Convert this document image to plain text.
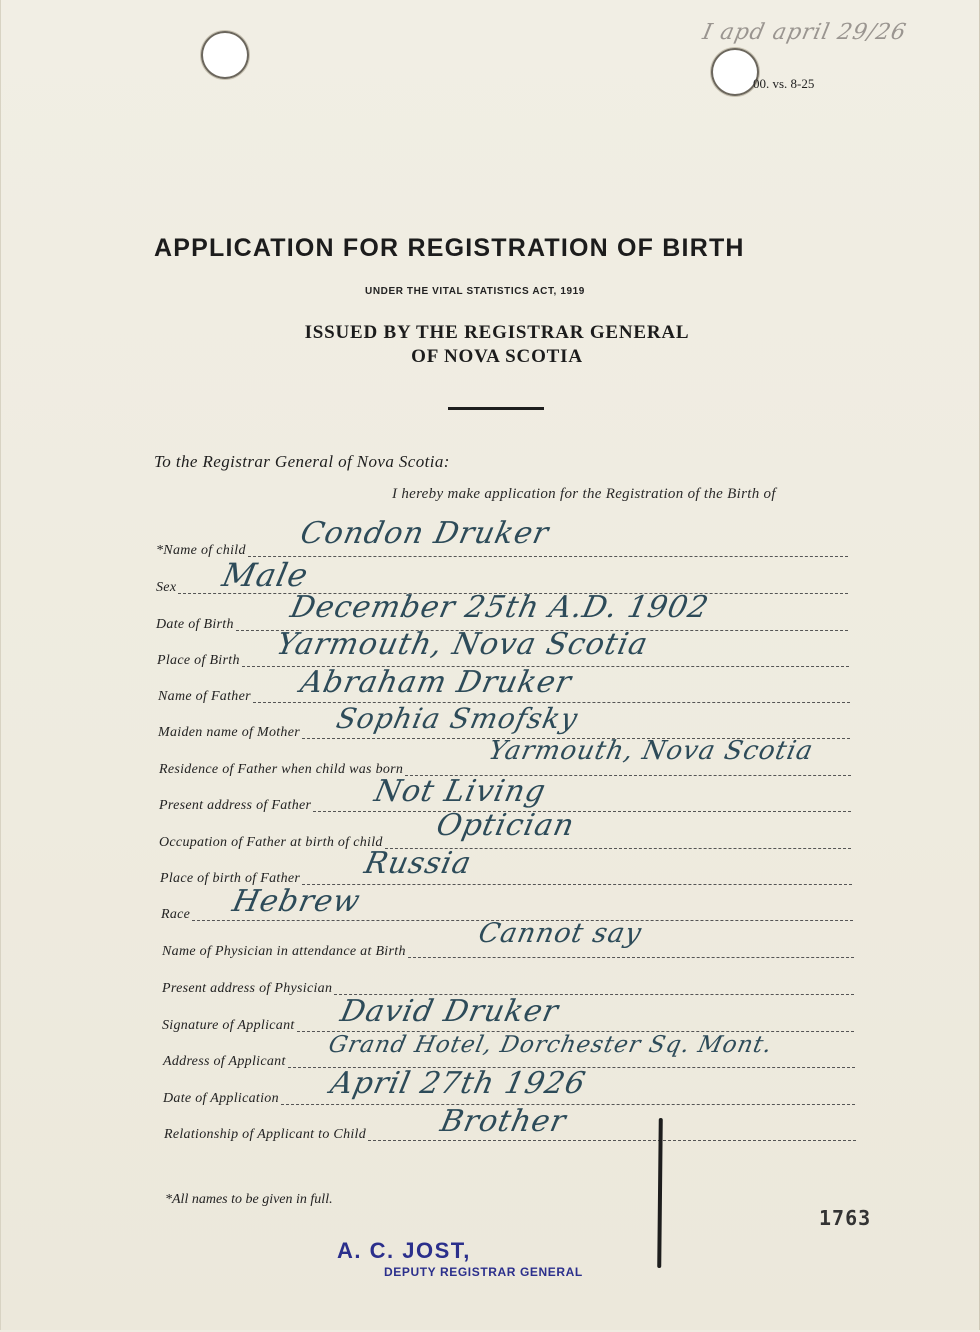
I apd april 29/26
00. vs. 8-25
APPLICATION FOR REGISTRATION OF BIRTH
UNDER THE VITAL STATISTICS ACT, 1919
ISSUED BY THE REGISTRAR GENERAL
OF NOVA SCOTIA
To the Registrar General of Nova Scotia:
I hereby make application for the Registration of the Birth of
*Name of child
Sex
Date of Birth
Place of Birth
Name of Father
Maiden name of Mother
Residence of Father when child was born
Present address of Father
Occupation of Father at birth of child
Place of birth of Father
Race
Name of Physician in attendance at Birth
Present address of Physician
Signature of Applicant
Address of Applicant
Date of Application
Relationship of Applicant to Child
Condon Druker
Male
December 25th A.D. 1902
Yarmouth, Nova Scotia
Abraham Druker
Sophia Smofsky
Yarmouth, Nova Scotia
Not Living
Optician
Russia
Hebrew
Cannot say
David Druker
Grand Hotel, Dorchester Sq. Mont.
April 27th 1926
Brother
*All names to be given in full.
A. C. JOST,
DEPUTY REGISTRAR GENERAL
1763
